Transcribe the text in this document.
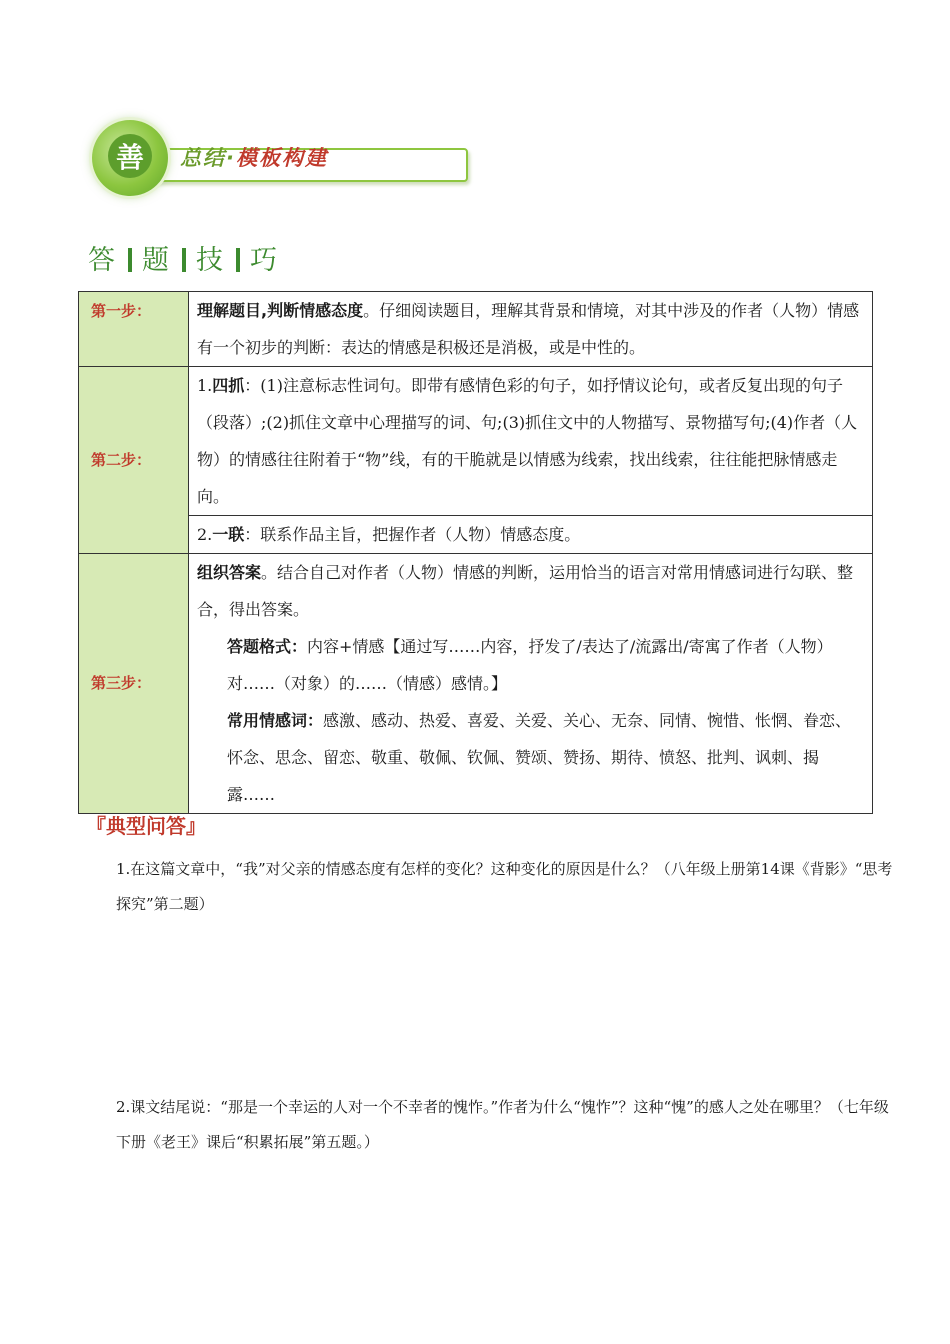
善	总结·模板构建
答 题 技 巧
第一步：	理解题目,判断情感态度。仔细阅读题目，理解其背景和情境，对其中涉及的作者（人物）情感有一个初步的判断：表达的情感是积极还是消极，或是中性的。
第二步：	1.四抓：(1)注意标志性词句。即带有感情色彩的句子，如抒情议论句，或者反复出现的句子（段落）;(2)抓住文章中心理描写的词、句;(3)抓住文中的人物描写、景物描写句;(4)作者（人物）的情感往往附着于“物”线，有的干脆就是以情感为线索，找出线索，往往能把脉情感走向。
	2.一联：联系作品主旨，把握作者（人物）情感态度。
第三步：	组织答案。结合自己对作者（人物）情感的判断，运用恰当的语言对常用情感词进行勾联、整合，得出答案。
答题格式：内容+情感【通过写……内容，抒发了/表达了/流露出/寄寓了作者（人物）对……（对象）的……（情感）感情。】
常用情感词：感激、感动、热爱、喜爱、关爱、关心、无奈、同情、惋惜、怅惘、眷恋、怀念、思念、留恋、敬重、敬佩、钦佩、赞颂、赞扬、期待、愤怒、批判、讽刺、揭露……
『典型问答』
1.在这篇文章中，“我”对父亲的情感态度有怎样的变化？这种变化的原因是什么？（八年级上册第14课《背影》“思考探究”第二题）
2.课文结尾说：“那是一个幸运的人对一个不幸者的愧怍。”作者为什么“愧怍”？这种“愧”的感人之处在哪里？（七年级下册《老王》课后“积累拓展”第五题。）
